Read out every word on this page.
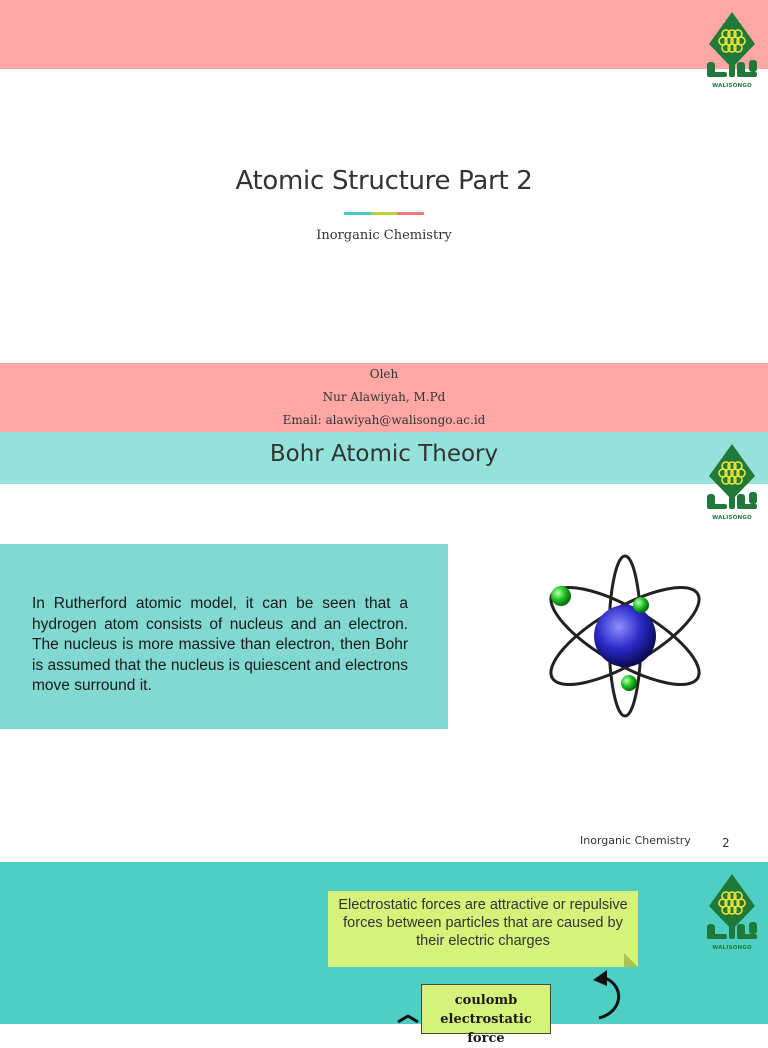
WALISONGO
Atomic Structure Part 2
Inorganic Chemistry
Oleh
Nur Alawiyah, M.Pd
Email: alawiyah@walisongo.ac.id
Bohr Atomic Theory
WALISONGO

In Rutherford atomic model, it can be seen that a hydrogen atom consists of nucleus and an electron. The nucleus is more massive than electron, then Bohr is assumed that the nucleus is quiescent and electrons move surround it.

Inorganic Chemistry	2
WALISONGO
Electrostatic forces are attractive or repulsive forces between particles that are caused by their electric charges
coulomb electrostatic force
